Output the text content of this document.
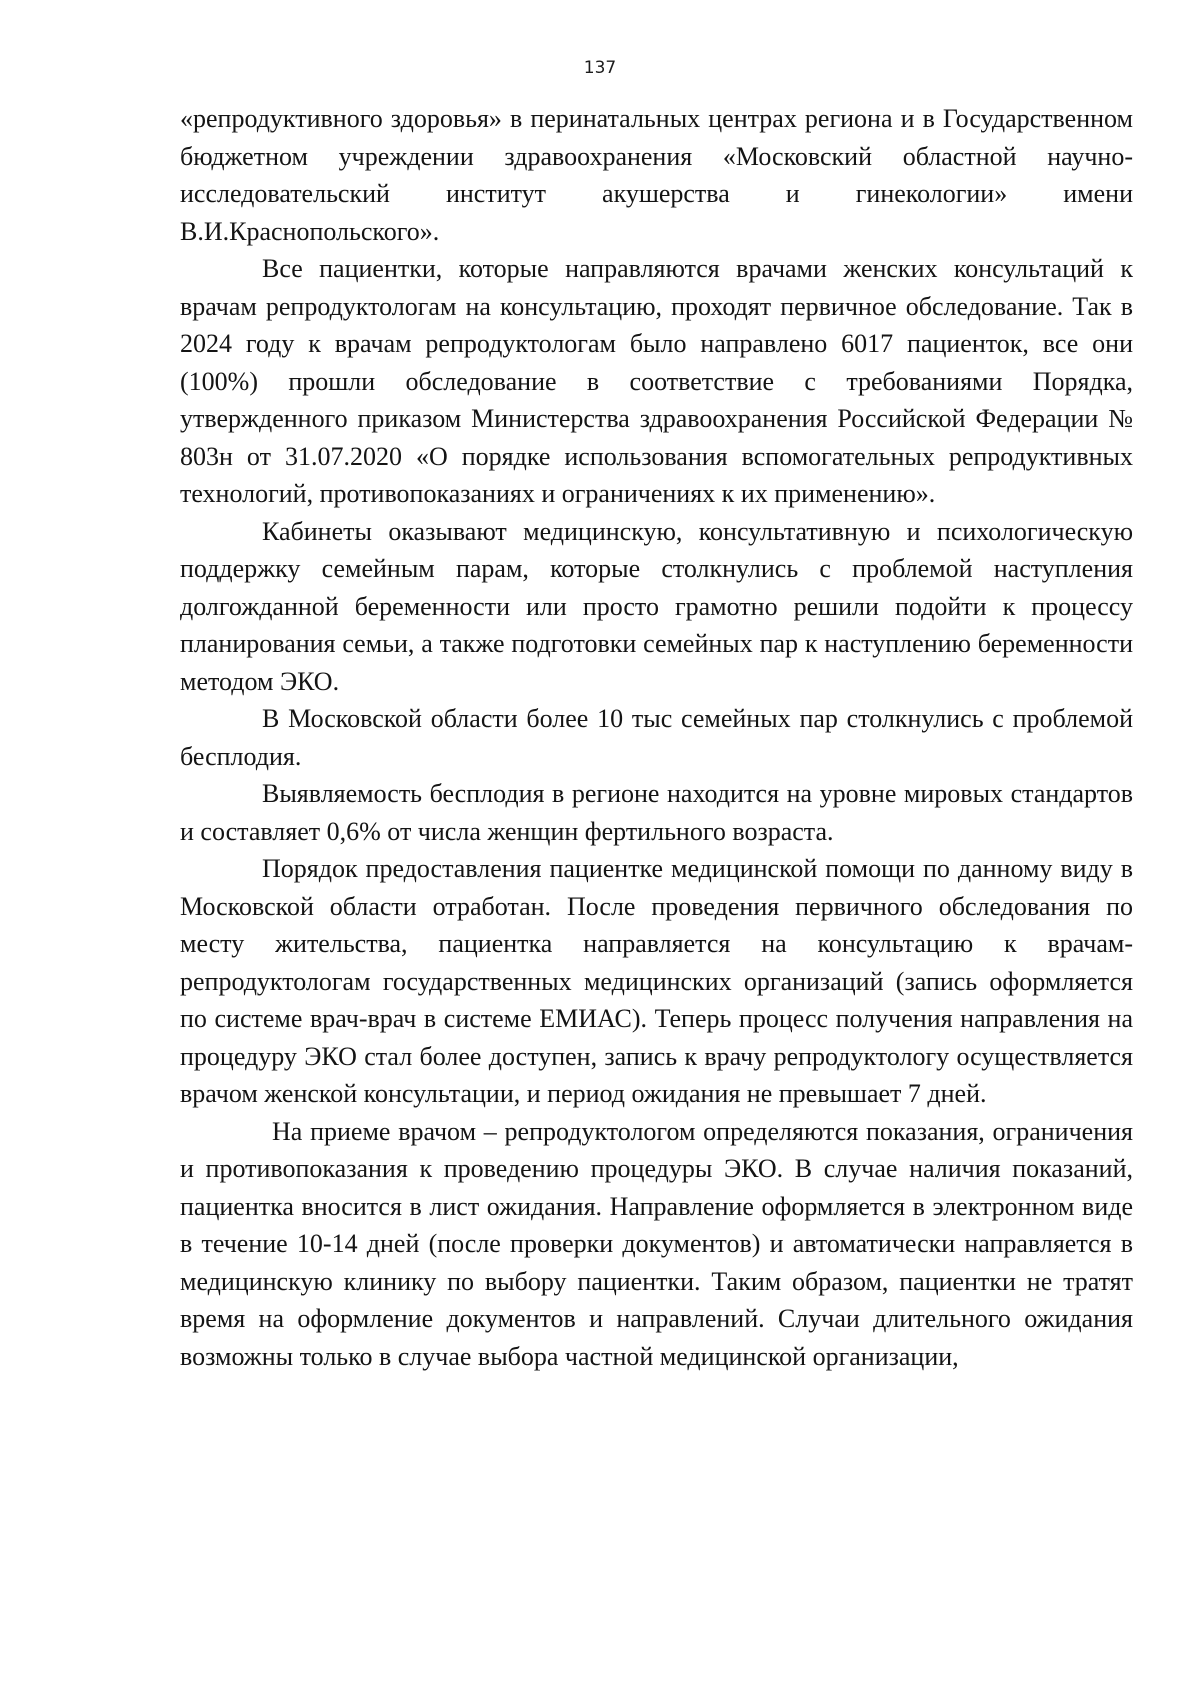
137

«репродуктивного здоровья» в перинатальных центрах региона и в Государственном бюджетном учреждении здравоохранения «Московский областной научно-исследовательский институт акушерства и гинекологии» имени В.И.Краснопольского».

Все пациентки, которые направляются врачами женских консультаций к врачам репродуктологам на консультацию, проходят первичное обследование. Так в 2024 году к врачам репродуктологам было направлено 6017 пациенток, все они (100%) прошли обследование в соответствие с требованиями Порядка, утвержденного приказом Министерства здравоохранения Российской Федерации № 803н от 31.07.2020 «О порядке использования вспомогательных репродуктивных технологий, противопоказаниях и ограничениях к их применению».

Кабинеты оказывают медицинскую, консультативную и психологическую поддержку семейным парам, которые столкнулись с проблемой наступления долгожданной беременности или просто грамотно решили подойти к процессу планирования семьи, а также подготовки семейных пар к наступлению беременности методом ЭКО.

В Московской области более 10 тыс семейных пар столкнулись с проблемой бесплодия.

Выявляемость бесплодия в регионе находится на уровне мировых стандартов и составляет 0,6% от числа женщин фертильного возраста.

Порядок предоставления пациентке медицинской помощи по данному виду в Московской области отработан. После проведения первичного обследования по месту жительства, пациентка направляется на консультацию к врачам-репродуктологам государственных медицинских организаций (запись оформляется по системе врач-врач в системе ЕМИАС). Теперь процесс получения направления на процедуру ЭКО стал более доступен, запись к врачу репродуктологу осуществляется врачом женской консультации, и период ожидания не превышает 7 дней.

На приеме врачом – репродуктологом определяются показания, ограничения и противопоказания к проведению процедуры ЭКО. В случае наличия показаний, пациентка вносится в лист ожидания. Направление оформляется в электронном виде в течение 10-14 дней (после проверки документов) и автоматически направляется в медицинскую клинику по выбору пациентки. Таким образом, пациентки не тратят время на оформление документов и направлений. Случаи длительного ожидания возможны только в случае выбора частной медицинской организации,
